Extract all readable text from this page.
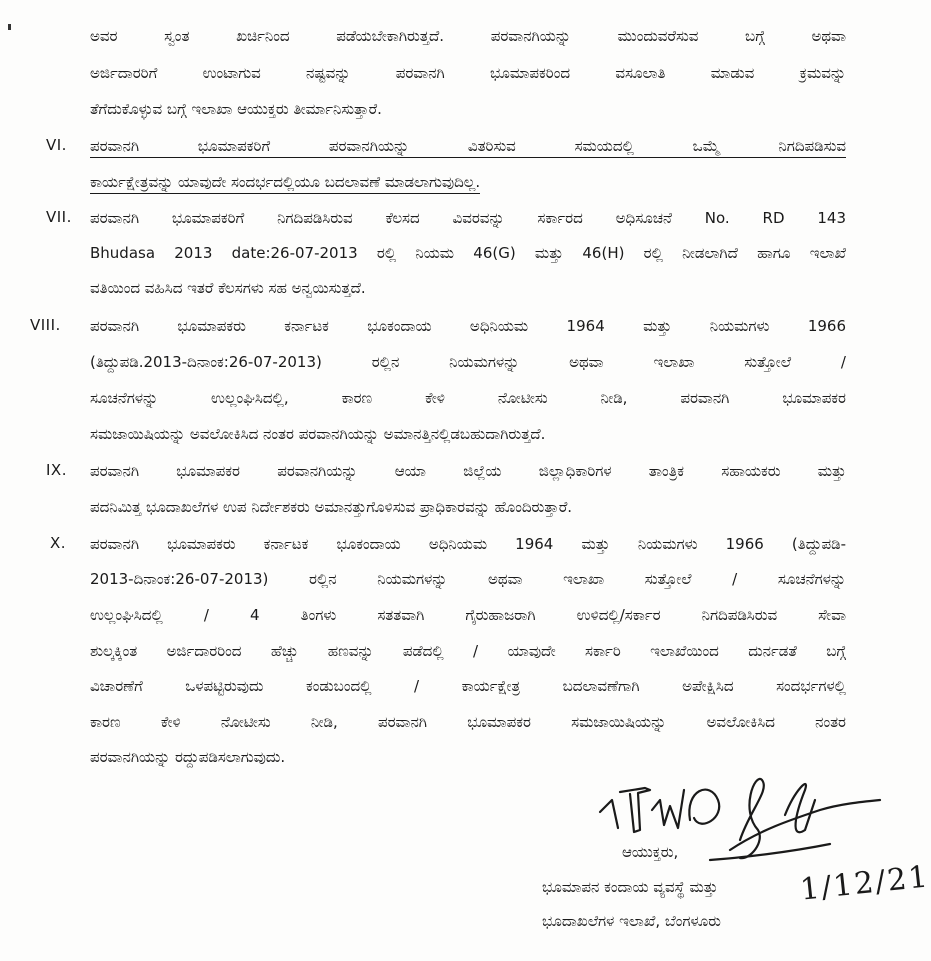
ಅವರ ಸ್ವಂತ ಖರ್ಚಿನಿಂದ ಪಡೆಯಬೇಕಾಗಿರುತ್ತದೆ. ಪರವಾನಗಿಯನ್ನು ಮುಂದುವರೆಸುವ ಬಗ್ಗೆ ಅಥವಾ
ಅರ್ಜಿದಾರರಿಗೆ ಉಂಟಾಗುವ ನಷ್ಟವನ್ನು ಪರವಾನಗಿ ಭೂಮಾಪಕರಿಂದ ವಸೂಲಾತಿ ಮಾಡುವ ಕ್ರಮವನ್ನು
ತೆಗೆದುಕೊಳ್ಳುವ ಬಗ್ಗೆ ಇಲಾಖಾ ಆಯುಕ್ತರು ತೀರ್ಮಾನಿಸುತ್ತಾರೆ.
VI. ಪರವಾನಗಿ ಭೂಮಾಪಕರಿಗೆ ಪರವಾನಗಿಯನ್ನು ವಿತರಿಸುವ ಸಮಯದಲ್ಲಿ ಒಮ್ಮೆ ನಿಗದಿಪಡಿಸುವ
ಕಾರ್ಯಕ್ಷೇತ್ರವನ್ನು ಯಾವುದೇ ಸಂದರ್ಭದಲ್ಲಿಯೂ ಬದಲಾವಣೆ ಮಾಡಲಾಗುವುದಿಲ್ಲ.
VII. ಪರವಾನಗಿ ಭೂಮಾಪಕರಿಗೆ ನಿಗದಿಪಡಿಸಿರುವ ಕೆಲಸದ ವಿವರವನ್ನು ಸರ್ಕಾರದ ಅಧಿಸೂಚನೆ No. RD 143
Bhudasa 2013 date:26-07-2013 ರಲ್ಲಿ ನಿಯಮ 46(G) ಮತ್ತು 46(H) ರಲ್ಲಿ ನೀಡಲಾಗಿದೆ ಹಾಗೂ ಇಲಾಖೆ
ವತಿಯಿಂದ ವಹಿಸಿದ ಇತರೆ ಕೆಲಸಗಳು ಸಹ ಅನ್ವಯಿಸುತ್ತದೆ.
VIII. ಪರವಾನಗಿ ಭೂಮಾಪಕರು ಕರ್ನಾಟಕ ಭೂಕಂದಾಯ ಅಧಿನಿಯಮ 1964 ಮತ್ತು ನಿಯಮಗಳು 1966
(ತಿದ್ದುಪಡಿ.2013-ದಿನಾಂಕ:26-07-2013) ರಲ್ಲಿನ ನಿಯಮಗಳನ್ನು ಅಥವಾ ಇಲಾಖಾ ಸುತ್ತೋಲೆ /
ಸೂಚನೆಗಳನ್ನು ಉಲ್ಲಂಘಿಸಿದಲ್ಲಿ, ಕಾರಣ ಕೇಳಿ ನೋಟೀಸು ನೀಡಿ, ಪರವಾನಗಿ ಭೂಮಾಪಕರ
ಸಮಜಾಯಿಷಿಯನ್ನು ಅವಲೋಕಿಸಿದ ನಂತರ ಪರವಾನಗಿಯನ್ನು ಅಮಾನತ್ತಿನಲ್ಲಿಡಬಹುದಾಗಿರುತ್ತದೆ.
IX. ಪರವಾನಗಿ ಭೂಮಾಪಕರ ಪರವಾನಗಿಯನ್ನು ಆಯಾ ಜಿಲ್ಲೆಯ ಜಿಲ್ಲಾಧಿಕಾರಿಗಳ ತಾಂತ್ರಿಕ ಸಹಾಯಕರು ಮತ್ತು
ಪದನಿಮಿತ್ತ ಭೂದಾಖಲೆಗಳ ಉಪ ನಿರ್ದೇಶಕರು ಅಮಾನತ್ತುಗೊಳಿಸುವ ಪ್ರಾಧಿಕಾರವನ್ನು ಹೊಂದಿರುತ್ತಾರೆ.
X. ಪರವಾನಗಿ ಭೂಮಾಪಕರು ಕರ್ನಾಟಕ ಭೂಕಂದಾಯ ಅಧಿನಿಯಮ 1964 ಮತ್ತು ನಿಯಮಗಳು 1966 (ತಿದ್ದುಪಡಿ-
2013-ದಿನಾಂಕ:26-07-2013) ರಲ್ಲಿನ ನಿಯಮಗಳನ್ನು ಅಥವಾ ಇಲಾಖಾ ಸುತ್ತೋಲೆ / ಸೂಚನೆಗಳನ್ನು
ಉಲ್ಲಂಘಿಸಿದಲ್ಲಿ / 4 ತಿಂಗಳು ಸತತವಾಗಿ ಗೈರುಹಾಜರಾಗಿ ಉಳಿದಲ್ಲಿ/ಸರ್ಕಾರ ನಿಗದಿಪಡಿಸಿರುವ ಸೇವಾ
ಶುಲ್ಕಕ್ಕಿಂತ ಅರ್ಜಿದಾರರಿಂದ ಹೆಚ್ಚು ಹಣವನ್ನು ಪಡೆದಲ್ಲಿ / ಯಾವುದೇ ಸರ್ಕಾರಿ ಇಲಾಖೆಯಿಂದ ದುರ್ನಡತೆ ಬಗ್ಗೆ
ವಿಚಾರಣೆಗೆ ಒಳಪಟ್ಟಿರುವುದು ಕಂಡುಬಂದಲ್ಲಿ / ಕಾರ್ಯಕ್ಷೇತ್ರ ಬದಲಾವಣೆಗಾಗಿ ಅಪೇಕ್ಷಿಸಿದ ಸಂದರ್ಭಗಳಲ್ಲಿ
ಕಾರಣ ಕೇಳಿ ನೋಟೀಸು ನೀಡಿ, ಪರವಾನಗಿ ಭೂಮಾಪಕರ ಸಮಜಾಯಿಷಿಯನ್ನು ಅವಲೋಕಿಸಿದ ನಂತರ
ಪರವಾನಗಿಯನ್ನು ರದ್ದುಪಡಿಸಲಾಗುವುದು.
ಆಯುಕ್ತರು,
ಭೂಮಾಪನ ಕಂದಾಯ ವ್ಯವಸ್ಥೆ ಮತ್ತು
ಭೂದಾಖಲೆಗಳ ಇಲಾಖೆ, ಬೆಂಗಳೂರು
1/12/21
